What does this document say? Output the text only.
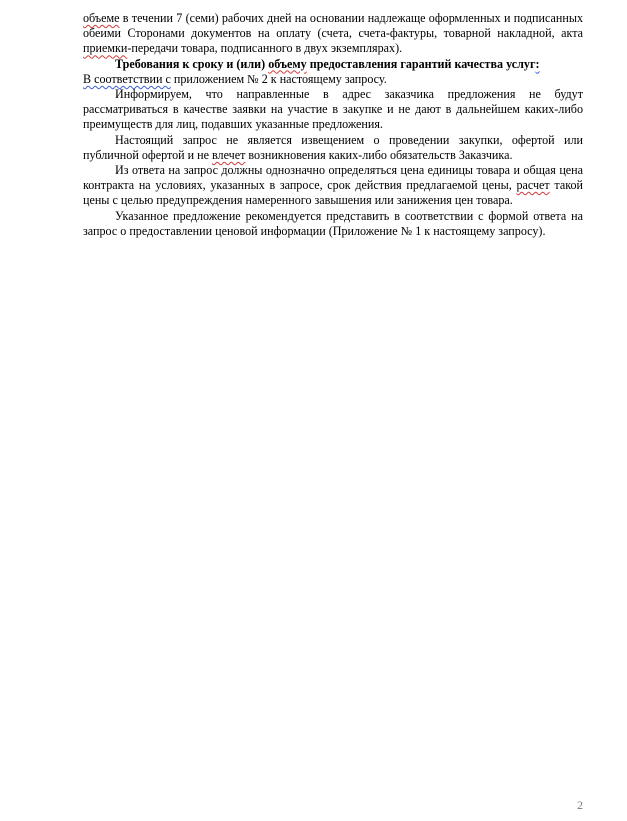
объеме в течении 7 (семи) рабочих дней на основании надлежаще оформленных и подписанных обеими Сторонами документов на оплату (счета, счета-фактуры, товарной накладной, акта приемки-передачи товара, подписанного в двух экземплярах).

Требования к сроку и (или) объему предоставления гарантий качества услуг:

В соответствии с приложением № 2 к настоящему запросу.

Информируем, что направленные в адрес заказчика предложения не будут рассматриваться в качестве заявки на участие в закупке и не дают в дальнейшем каких-либо преимуществ для лиц, подавших указанные предложения.

Настоящий запрос не является извещением о проведении закупки, офертой или публичной офертой и не влечет возникновения каких-либо обязательств Заказчика.

Из ответа на запрос должны однозначно определяться цена единицы товара и общая цена контракта на условиях, указанных в запросе, срок действия предлагаемой цены, расчет такой цены с целью предупреждения намеренного завышения или занижения цен товара.

Указанное предложение рекомендуется представить в соответствии с формой ответа на запрос о предоставлении ценовой информации (Приложение № 1 к настоящему запросу).

2
